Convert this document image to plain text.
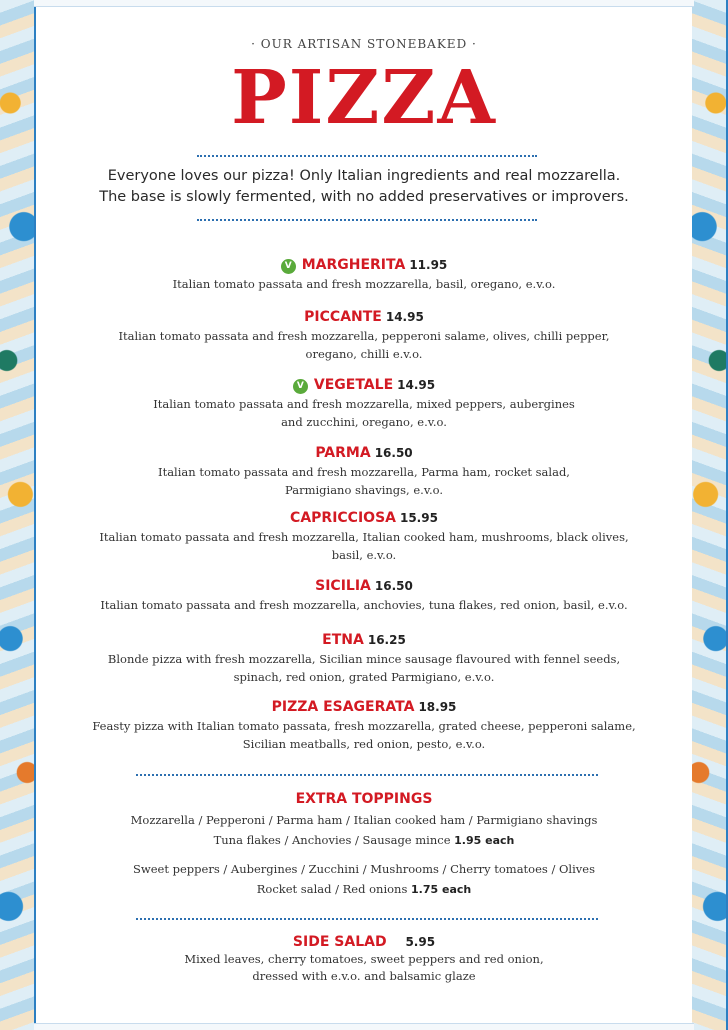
· OUR ARTISAN STONEBAKED ·
PIZZA
Everyone loves our pizza! Only Italian ingredients and real mozzarella.
The base is slowly fermented, with no added preservatives or improvers.
V MARGHERITA 11.95
Italian tomato passata and fresh mozzarella, basil, oregano, e.v.o.
PICCANTE 14.95
Italian tomato passata and fresh mozzarella, pepperoni salame, olives, chilli pepper,
oregano, chilli e.v.o.
V VEGETALE 14.95
Italian tomato passata and fresh mozzarella, mixed peppers, aubergines
and zucchini, oregano, e.v.o.
PARMA 16.50
Italian tomato passata and fresh mozzarella, Parma ham, rocket salad,
Parmigiano shavings, e.v.o.
CAPRICCIOSA 15.95
Italian tomato passata and fresh mozzarella, Italian cooked ham, mushrooms, black olives,
basil, e.v.o.
SICILIA 16.50
Italian tomato passata and fresh mozzarella, anchovies, tuna flakes, red onion, basil, e.v.o.
ETNA 16.25
Blonde pizza with fresh mozzarella, Sicilian mince sausage flavoured with fennel seeds,
spinach, red onion, grated Parmigiano, e.v.o.
PIZZA ESAGERATA 18.95
Feasty pizza with Italian tomato passata, fresh mozzarella, grated cheese, pepperoni salame,
Sicilian meatballs, red onion, pesto, e.v.o.
EXTRA TOPPINGS
Mozzarella / Pepperoni / Parma ham / Italian cooked ham / Parmigiano shavings
Tuna flakes / Anchovies / Sausage mince 1.95 each
Sweet peppers / Aubergines / Zucchini / Mushrooms / Cherry tomatoes / Olives
Rocket salad / Red onions 1.75 each
SIDE SALAD 5.95
Mixed leaves, cherry tomatoes, sweet peppers and red onion,
dressed with e.v.o. and balsamic glaze
